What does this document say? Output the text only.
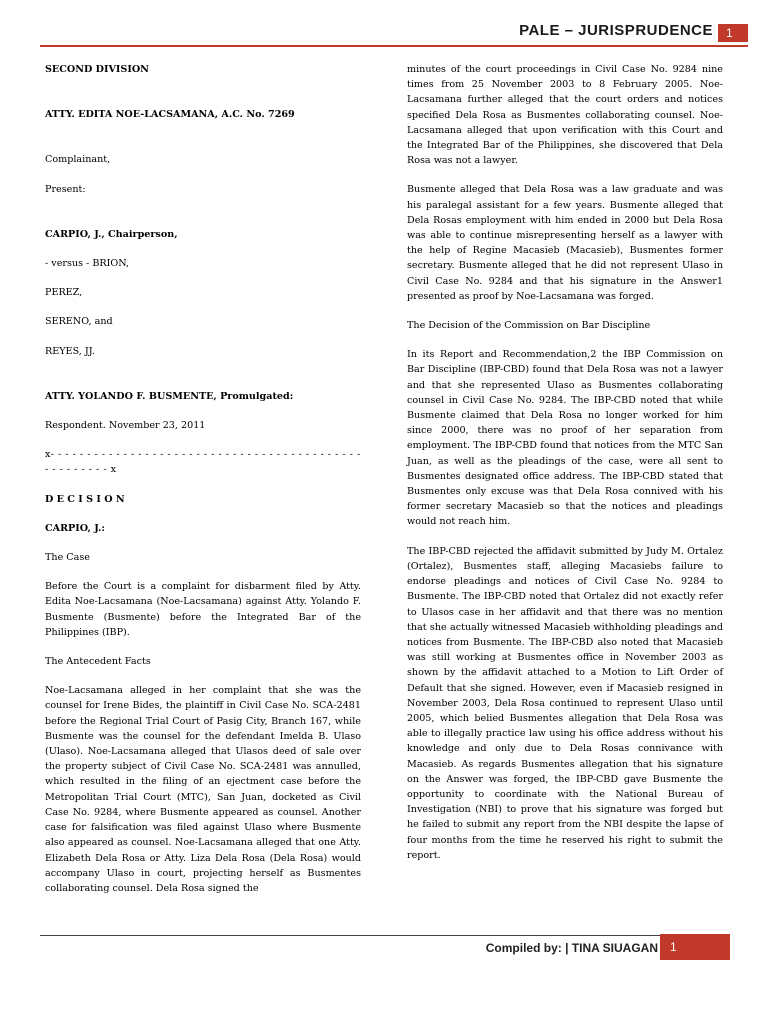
PALE – JURISPRUDENCE	1

SECOND DIVISION

ATTY. EDITA NOE-LACSAMANA, A.C. No. 7269

Complainant,

Present:

CARPIO, J., Chairperson,

- versus - BRION,

PEREZ,

SERENO, and

REYES, JJ.

ATTY. YOLANDO F. BUSMENTE, Promulgated:

Respondent. November 23, 2011

x- - - - - - - - - - - - - - - - - - - - - - - - - - - - - - - - - - - - - - - - - - - - - - - - - - - - x

D E C I S I O N

CARPIO, J.:

The Case

Before the Court is a complaint for disbarment filed by Atty. Edita Noe-Lacsamana (Noe-Lacsamana) against Atty. Yolando F. Busmente (Busmente) before the Integrated Bar of the Philippines (IBP).

The Antecedent Facts

Noe-Lacsamana alleged in her complaint that she was the counsel for Irene Bides, the plaintiff in Civil Case No. SCA-2481 before the Regional Trial Court of Pasig City, Branch 167, while Busmente was the counsel for the defendant Imelda B. Ulaso (Ulaso). Noe-Lacsamana alleged that Ulasos deed of sale over the property subject of Civil Case No. SCA-2481 was annulled, which resulted in the filing of an ejectment case before the Metropolitan Trial Court (MTC), San Juan, docketed as Civil Case No. 9284, where Busmente appeared as counsel. Another case for falsification was filed against Ulaso where Busmente also appeared as counsel. Noe-Lacsamana alleged that one Atty. Elizabeth Dela Rosa or Atty. Liza Dela Rosa (Dela Rosa) would accompany Ulaso in court, projecting herself as Busmentes collaborating counsel. Dela Rosa signed the

minutes of the court proceedings in Civil Case No. 9284 nine times from 25 November 2003 to 8 February 2005. Noe-Lacsamana further alleged that the court orders and notices specified Dela Rosa as Busmentes collaborating counsel. Noe-Lacsamana alleged that upon verification with this Court and the Integrated Bar of the Philippines, she discovered that Dela Rosa was not a lawyer.

Busmente alleged that Dela Rosa was a law graduate and was his paralegal assistant for a few years. Busmente alleged that Dela Rosas employment with him ended in 2000 but Dela Rosa was able to continue misrepresenting herself as a lawyer with the help of Regine Macasieb (Macasieb), Busmentes former secretary. Busmente alleged that he did not represent Ulaso in Civil Case No. 9284 and that his signature in the Answer1 presented as proof by Noe-Lacsamana was forged.

The Decision of the Commission on Bar Discipline

In its Report and Recommendation,2 the IBP Commission on Bar Discipline (IBP-CBD) found that Dela Rosa was not a lawyer and that she represented Ulaso as Busmentes collaborating counsel in Civil Case No. 9284. The IBP-CBD noted that while Busmente claimed that Dela Rosa no longer worked for him since 2000, there was no proof of her separation from employment. The IBP-CBD found that notices from the MTC San Juan, as well as the pleadings of the case, were all sent to Busmentes designated office address. The IBP-CBD stated that Busmentes only excuse was that Dela Rosa connived with his former secretary Macasieb so that the notices and pleadings would not reach him.

The IBP-CBD rejected the affidavit submitted by Judy M. Ortalez (Ortalez), Busmentes staff, alleging Macasiebs failure to endorse pleadings and notices of Civil Case No. 9284 to Busmente. The IBP-CBD noted that Ortalez did not exactly refer to Ulasos case in her affidavit and that there was no mention that she actually witnessed Macasieb withholding pleadings and notices from Busmente. The IBP-CBD also noted that Macasieb was still working at Busmentes office in November 2003 as shown by the affidavit attached to a Motion to Lift Order of Default that she signed. However, even if Macasieb resigned in November 2003, Dela Rosa continued to represent Ulaso until 2005, which belied Busmentes allegation that Dela Rosa was able to illegally practice law using his office address without his knowledge and only due to Dela Rosas connivance with Macasieb. As regards Busmentes allegation that his signature on the Answer was forged, the IBP-CBD gave Busmente the opportunity to coordinate with the National Bureau of Investigation (NBI) to prove that his signature was forged but he failed to submit any report from the NBI despite the lapse of four months from the time he reserved his right to submit the report.

Compiled by: | TINA SIUAGAN	1
